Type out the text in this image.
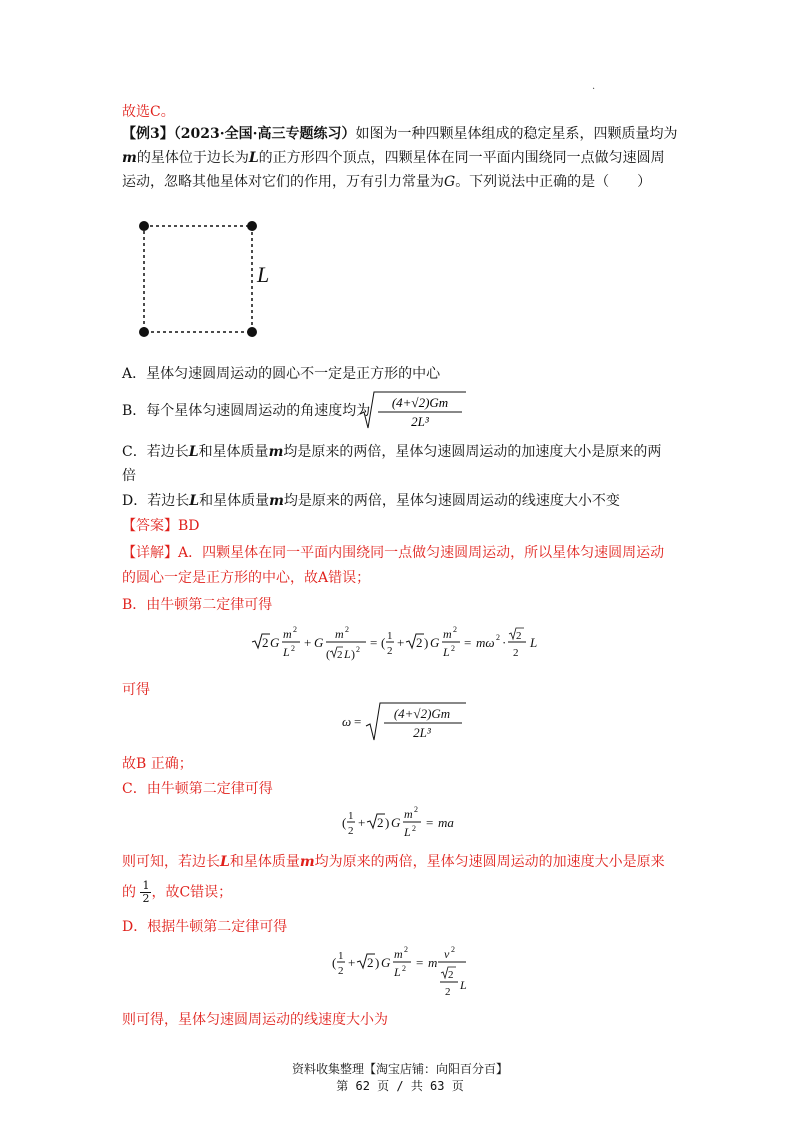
·
故选C。
【例3】（2023·全国·高三专题练习）如图为一种四颗星体组成的稳定星系，四颗质量均为
m的星体位于边长为L的正方形四个顶点，四颗星体在同一平面内围绕同一点做匀速圆周
运动，忽略其他星体对它们的作用，万有引力常量为G。下列说法中正确的是（　　）
L
A．星体匀速圆周运动的圆心不一定是正方形的中心
B．每个星体匀速圆周运动的角速度均为
(4+√2)Gm
2L³
C．若边长L和星体质量m均是原来的两倍，星体匀速圆周运动的加速度大小是原来的两
倍
D．若边长L和星体质量m均是原来的两倍，星体匀速圆周运动的线速度大小不变
【答案】BD
【详解】A．四颗星体在同一平面内围绕同一点做匀速圆周运动，所以星体匀速圆周运动
的圆心一定是正方形的中心，故A错误；
B．由牛顿第二定律可得
2 G
m 2
L 2 + G
m 2
( 2 L ) 2 = ( 1
2
+ 2 ) G
m 2
L 2 = mω 2 · 2
2
L
可得
ω =
(4+√2)Gm
2L³
故B 正确；
C．由牛顿第二定律可得
( 1
2
+ 2 ) G
m 2
L 2 = ma
则可知，若边长L和星体质量m均为原来的两倍，星体匀速圆周运动的加速度大小是原来
的 $\frac{1}{2}$ ，故C错误；
D．根据牛顿第二定律可得
( 1
2
+ 2 ) G
m 2
L 2 = m
v 2
2
2 L
则可得，星体匀速圆周运动的线速度大小为
资料收集整理【淘宝店铺：向阳百分百】
第 62 页 / 共 63 页
